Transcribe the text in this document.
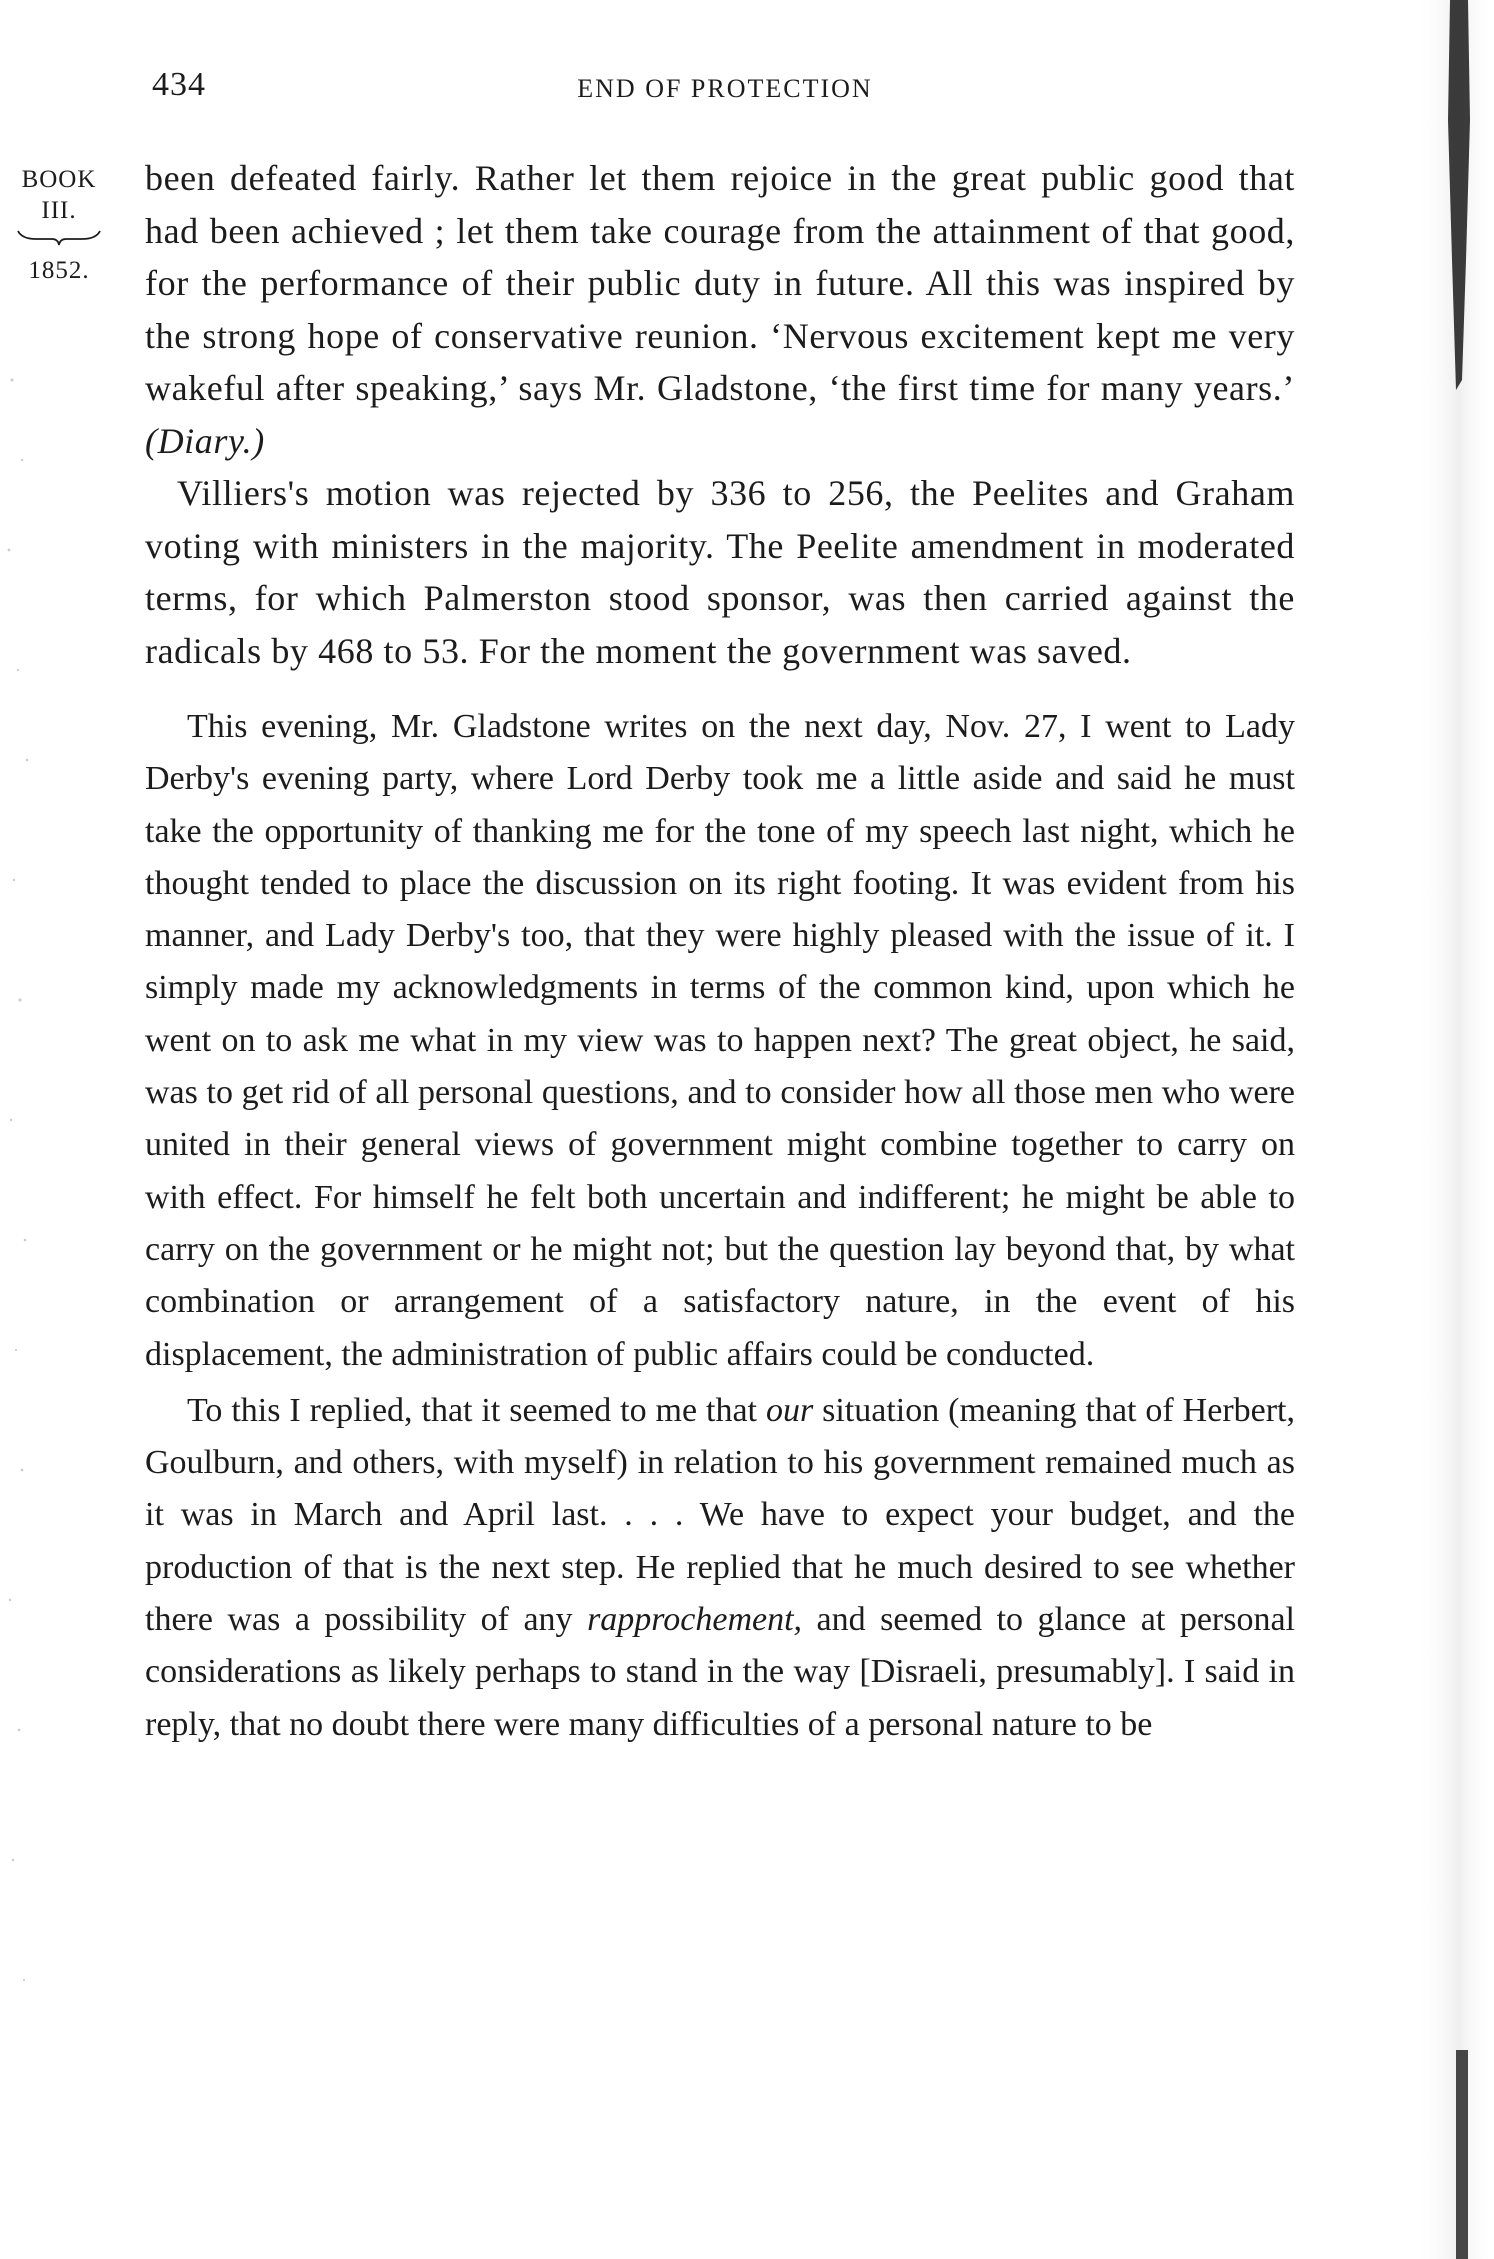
434	END OF PROTECTION
BOOK
III.
1852.

been defeated fairly. Rather let them rejoice in the great public good that had been achieved ; let them take courage from the attainment of that good, for the performance of their public duty in future. All this was inspired by the strong hope of conservative reunion. ‘Nervous excitement kept me very wakeful after speaking,’ says Mr. Gladstone, ‘the first time for many years.’ (Diary.)

Villiers's motion was rejected by 336 to 256, the Peelites and Graham voting with ministers in the majority. The Peelite amendment in moderated terms, for which Palmerston stood sponsor, was then carried against the radicals by 468 to 53. For the moment the government was saved.

This evening, Mr. Gladstone writes on the next day, Nov. 27, I went to Lady Derby's evening party, where Lord Derby took me a little aside and said he must take the opportunity of thanking me for the tone of my speech last night, which he thought tended to place the discussion on its right footing. It was evident from his manner, and Lady Derby's too, that they were highly pleased with the issue of it. I simply made my acknowledgments in terms of the common kind, upon which he went on to ask me what in my view was to happen next? The great object, he said, was to get rid of all personal questions, and to consider how all those men who were united in their general views of government might combine together to carry on with effect. For himself he felt both uncertain and indifferent; he might be able to carry on the government or he might not; but the question lay beyond that, by what combination or arrangement of a satisfactory nature, in the event of his displacement, the administration of public affairs could be conducted.

To this I replied, that it seemed to me that our situation (meaning that of Herbert, Goulburn, and others, with myself) in relation to his government remained much as it was in March and April last. . . . We have to expect your budget, and the production of that is the next step. He replied that he much desired to see whether there was a possibility of any rapprochement, and seemed to glance at personal considerations as likely perhaps to stand in the way [Disraeli, presumably]. I said in reply, that no doubt there were many difficulties of a personal nature to be
